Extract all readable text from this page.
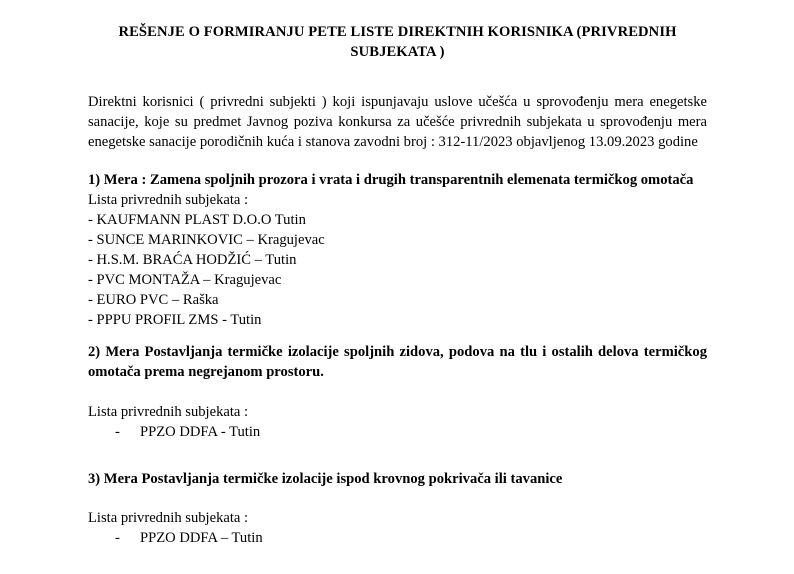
REŠENJE O FORMIRANJU PETE LISTE DIREKTNIH KORISNIKA (PRIVREDNIH SUBJEKATA )
Direktni korisnici ( privredni subjekti ) koji ispunjavaju uslove učešća u sprovođenju mera enegetske sanacije, koje su predmet Javnog poziva konkursa za učešće privrednih subjekata u sprovođenju mera enegetske sanacije porodičnih kuća i stanova zavodni broj : 312-11/2023 objavljenog 13.09.2023 godine
1) Mera : Zamena spoljnih prozora i vrata i drugih transparentnih elemenata termičkog omotača
Lista privrednih subjekata :
- KAUFMANN PLAST D.O.O Tutin
- SUNCE MARINKOVIC – Kragujevac
- H.S.M. BRAĆA HODŽIĆ – Tutin
- PVC MONTAŽA – Kragujevac
- EURO PVC – Raška
- PPPU PROFIL ZMS - Tutin
2) Mera Postavljanja termičke izolacije spoljnih zidova, podova na tlu i ostalih delova termičkog omotača prema negrejanom prostoru.
Lista privrednih subjekata :
- PPZO DDFA - Tutin
3) Mera Postavljanja termičke izolacije ispod krovnog pokrivača ili tavanice
Lista privrednih subjekata :
- PPZO DDFA – Tutin
